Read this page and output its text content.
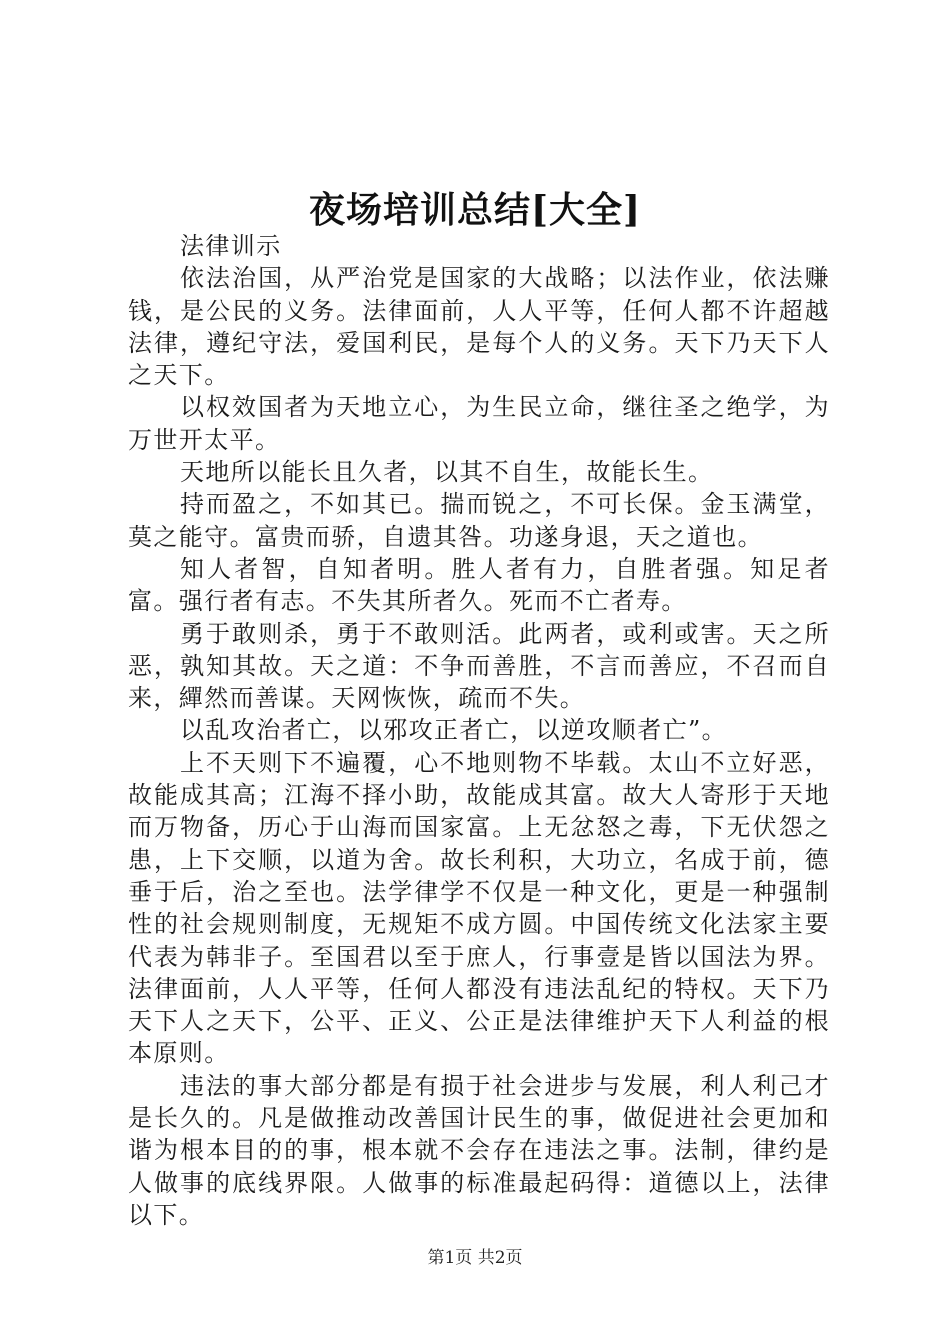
夜场培训总结[大全]

法律训示

依法治国，从严治党是国家的大战略；以法作业，依法赚钱，是公民的义务。法律面前，人人平等，任何人都不许超越法律，遵纪守法，爱国利民，是每个人的义务。天下乃天下人之天下。

以权效国者为天地立心，为生民立命，继往圣之绝学，为万世开太平。

天地所以能长且久者，以其不自生，故能长生。

持而盈之，不如其已。揣而锐之，不可长保。金玉满堂，莫之能守。富贵而骄，自遗其咎。功遂身退，天之道也。

知人者智，自知者明。胜人者有力，自胜者强。知足者富。强行者有志。不失其所者久。死而不亡者寿。

勇于敢则杀，勇于不敢则活。此两者，或利或害。天之所恶，孰知其故。天之道：不争而善胜，不言而善应，不召而自来，繟然而善谋。天网恢恢，疏而不失。

以乱攻治者亡，以邪攻正者亡，以逆攻顺者亡”。

上不天则下不遍覆，心不地则物不毕载。太山不立好恶，故能成其高；江海不择小助，故能成其富。故大人寄形于天地而万物备，历心于山海而国家富。上无忿怒之毒，下无伏怨之患，上下交顺，以道为舍。故长利积，大功立，名成于前，德垂于后，治之至也。法学律学不仅是一种文化，更是一种强制性的社会规则制度，无规矩不成方圆。中国传统文化法家主要代表为韩非子。至国君以至于庶人，行事壹是皆以国法为界。法律面前，人人平等，任何人都没有违法乱纪的特权。天下乃天下人之天下，公平、正义、公正是法律维护天下人利益的根本原则。

违法的事大部分都是有损于社会进步与发展，利人利己才是长久的。凡是做推动改善国计民生的事，做促进社会更加和谐为根本目的的事，根本就不会存在违法之事。法制，律约是人做事的底线界限。人做事的标准最起码得：道德以上，法律以下。

第1页 共2页
